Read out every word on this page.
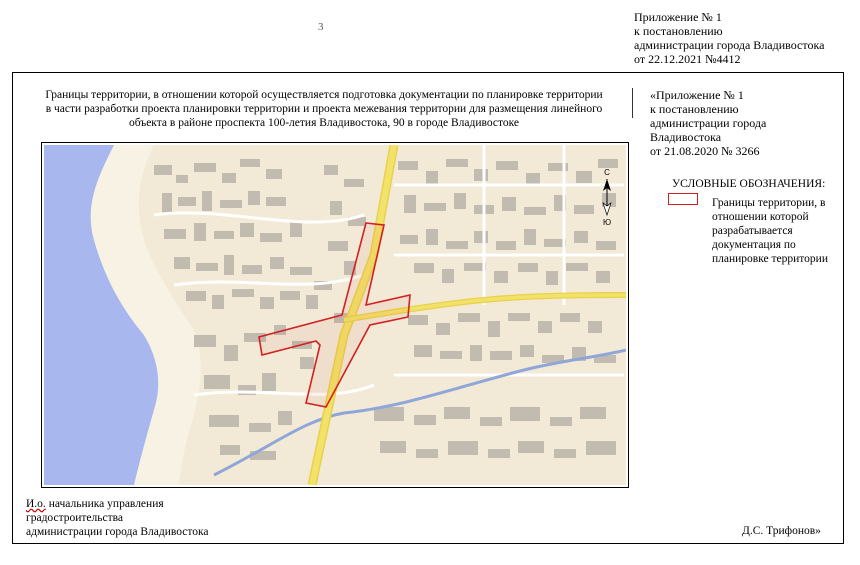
3
Приложение № 1
к постановлению
администрации города Владивостока
от 22.12.2021 №4412
Границы территории, в отношении которой осуществляется подготовка документации по планировке территории
в части разработки проекта планировки территории и проекта межевания территории для размещения линейного
объекта в районе проспекта 100-летия Владивостока, 90 в городе Владивостоке
«Приложение № 1
к постановлению
администрации города
Владивостока
от 21.08.2020 № 3266
С
Ю
УСЛОВНЫЕ ОБОЗНАЧЕНИЯ:
Границы территории, в отношении которой разрабатывается документация по планировке территории
И.о. начальника управления
градостроительства
администрации города Владивостока	Д.С. Трифонов»
